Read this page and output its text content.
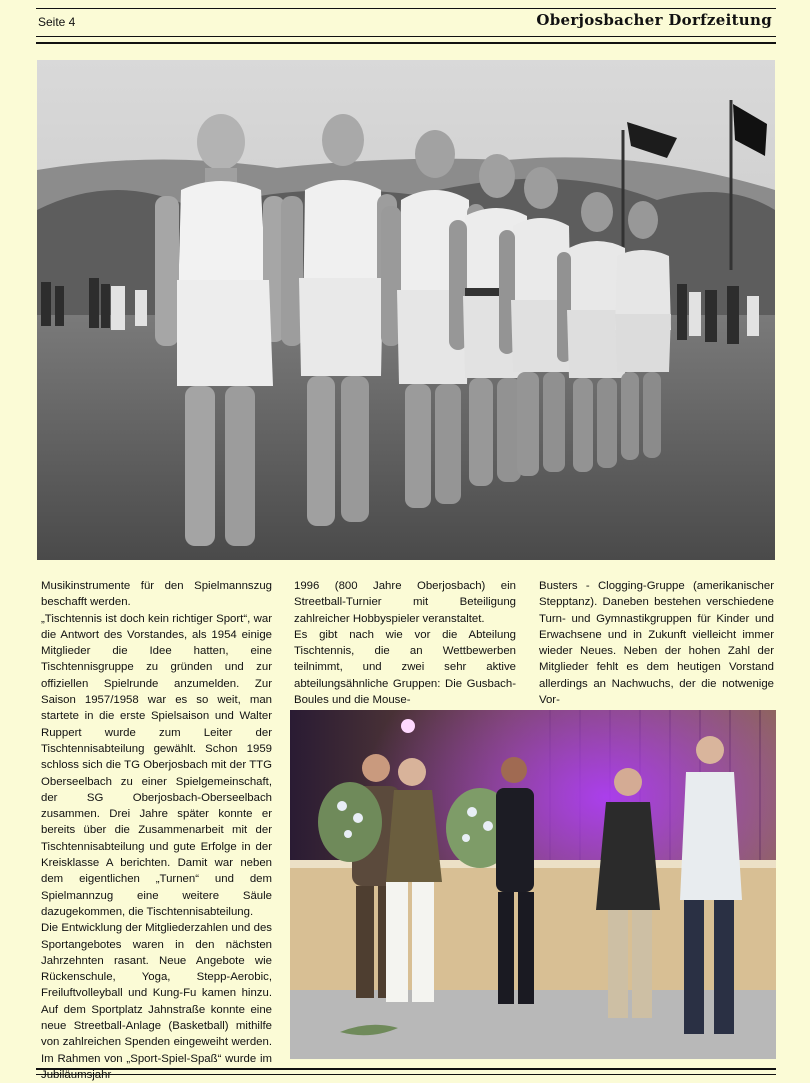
Seite 4	Oberjosbacher Dorfzeitung

Musikinstrumente für den Spielmannszug beschafft werden.

„Tischtennis ist doch kein richtiger Sport“, war die Antwort des Vorstandes, als 1954 einige Mitglieder die Idee hatten, eine Tischtennisgruppe zu gründen und zur offiziellen Spielrunde anzumelden. Zur Saison 1957/1958 war es so weit, man startete in die erste Spielsaison und Walter Ruppert wurde zum Leiter der Tischtennisabteilung gewählt. Schon 1959 schloss sich die TG Oberjosbach mit der TTG Oberseelbach zu einer Spielgemeinschaft, der SG Oberjosbach-Oberseelbach zusammen. Drei Jahre später konnte er bereits über die Zusammenarbeit mit der Tischtennisabteilung und gute Erfolge in der Kreisklasse A berichten. Damit war neben dem eigentlichen „Turnen“ und dem Spielmannzug eine weitere Säule dazugekommen, die Tischtennisabteilung.

Die Entwicklung der Mitgliederzahlen und des Sportangebotes waren in den nächsten Jahrzehnten rasant. Neue Angebote wie Rückenschule, Yoga, Stepp-Aerobic, Freiluftvolleyball und Kung-Fu kamen hinzu. Auf dem Sportplatz Jahnstraße konnte eine neue Streetball-Anlage (Basketball) mithilfe von zahlreichen Spenden eingeweiht werden. Im Rahmen von „Sport-Spiel-Spaß“ wurde im

1996 (800 Jahre Oberjosbach) ein Streetball-Turnier mit Beteiligung zahlreicher Hobbyspieler veranstaltet.

Es gibt nach wie vor die Abteilung Tischtennis, die an Wettbewerben teilnimmt, und zwei sehr aktive abteilungsähnliche Gruppen: Die Gusbach-Boules und die Mouse-

Busters - Clogging-Gruppe (amerikanischer Stepptanz). Daneben bestehen verschiedene Turn- und Gymnastikgruppen für Kinder und Erwachsene und in Zukunft vielleicht immer wieder Neues. Neben der hohen Zahl der Mitglieder fehlt es dem heutigen Vorstand allerdings an Nachwuchs, der die notwenige Vor-
